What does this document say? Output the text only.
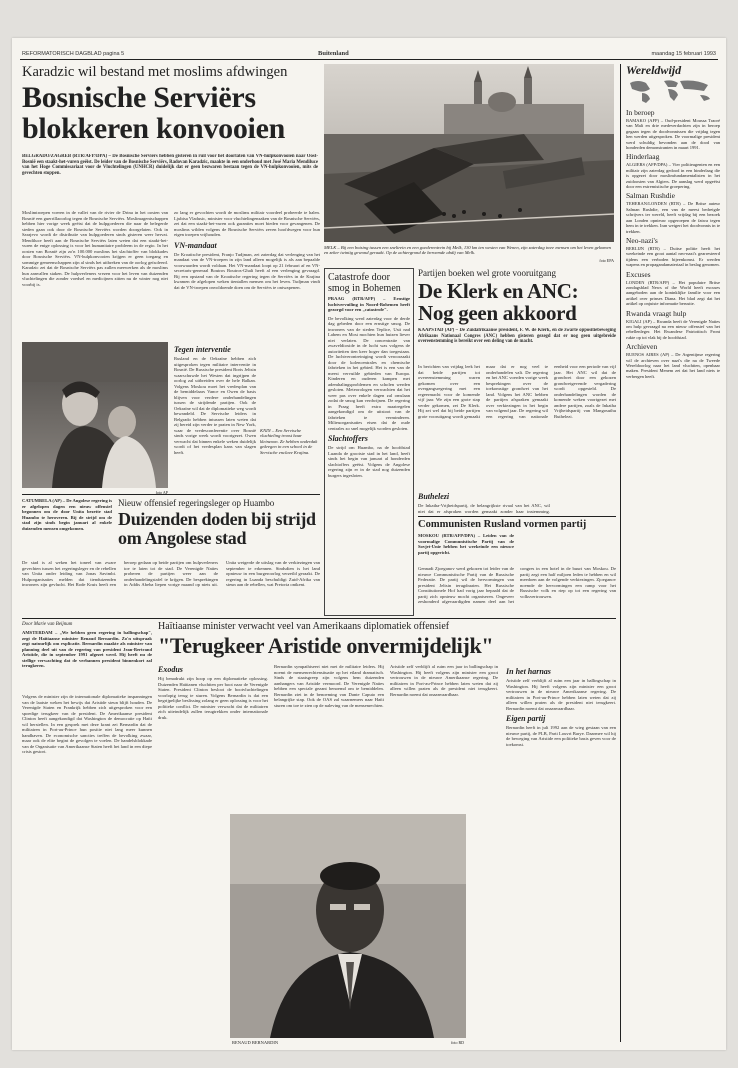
REFORMATORISCH DAGBLAD pagina 5	Buitenland	maandag 15 februari 1993
Karadzic wil bestand met moslims afdwingen
Bosnische Serviërs blokkeren konvooien
BELGRADO/ZAGREB (RTR/AFP/DPA) – De Bosnische Serviërs hebben gisteren in ruil voor het doorlaten van VN-hulpkonvooien naar Oost-Bosnië een staakt-het-vuren geëist. De leider van de Bosnische Serviërs, Radovan Karadzic, maakte in een onderhoud met José Maria Mendiluce van het Hoge Commissariaat voor de Vluchtelingen (UNHCR) duidelijk dat er geen bezwaren bestaan tegen de VN-hulpkonvooien, mits de gevechten stoppen.
Moslimtroepen voeren in de vallei van de rivier de Drina in het oosten van Bosnië een guerrillaoorlog tegen de Bosnische Serviërs. Moslimagentschappen hebben hier vorige week geëist dat de hulpgoederen die naar de belegerde steden gaan ook door de Bosnische Serviërs worden doorgelaten. Ook in Sarajevo wordt de distributie van hulpgoederen sinds gisteren weer hervat. Mendiluce heeft aan de Bosnische Serviërs laten weten dat een staakt-het-vuren de enige oplossing is voor het humanitaire probleem in de regio. In het oosten van Bosnië zijn zo'n 100.000 moslims het slachtoffer van blokkades door Bosnische Serviërs. VN-hulpkonvooien krijgen er geen toegang en sommige gemeenschappen zijn al sinds het uitbreken van de oorlog geïsoleerd. Karadzic zei dat de Bosnische Serviërs pas zullen meewerken als de moslims hun aanvallen staken. De hulpverleners vrezen voor het leven van duizenden vluchtelingen die zonder voedsel en medicijnen zitten nu de winter nog niet voorbij is.
zo lang er gevochten wordt de moslims militair voordeel probeerde te halen. Ljubisa Vladusic, minister voor vluchtelingenzaken van de Bosnische Serviërs, zei dat een staakt-het-vuren ook garanties moet bieden voor gevangenen. De moslims wilden volgens de Bosnische Serviërs zeven hoofdwegen voor hun eigen troepen vrijhouden.
VN-mandaat
De Kroatische president, Franjo Tudjman, zei zaterdag dat verlenging van het mandaat van de VN-troepen in zijn land alleen mogelijk is als aan bepaalde voorwaarden wordt voldaan. Het VN-mandaat loopt op 21 februari af en VN-secretaris-generaal Boutros Boutros-Ghali heeft al een verlenging gevraagd. Bij een opstand van de Kroatische regering tegen de Serviërs in de Krajina kwamen de afgelopen weken tientallen mensen om het leven. Tudjman vindt dat de VN-troepen onvoldoende doen om de Serviërs te ontwapenen.
Tegen interventie
Rusland en de Oekraïne hebben zich uitgesproken tegen militaire interventie in Bosnië. De Russische president Boris Jeltsin waarschuwde het Westen dat ingrijpen de oorlog zal uitbreiden over de hele Balkan. Volgens Moskou moet het vredesplan van de bemiddelaars Vance en Owen de basis blijven voor verdere onderhandelingen tussen de strijdende partijen. Ook de Oekraïne wil dat de diplomatieke weg wordt bewandeld. De Servische leiders in Belgrado hebben intussen laten weten dat zij bereid zijn verder te praten in New York, waar de vredesconferentie over Bosnië sinds vorige week wordt voortgezet. Owen verwacht dat binnen enkele weken duidelijk wordt of het vredesplan kans van slagen heeft.
KNIN – Een Servische vluchteling troost haar kleinzoon. Ze hebben onderdak gekregen in een school in de Servische enclave Krajina.
foto AP
MELK – Bij een botsing tussen een sneltrein en een goederentrein bij Melk, 130 km ten westen van Wenen, zijn zaterdag twee mensen om het leven gekomen en zeker twintig gewond geraakt. Op de achtergrond de beroemde abdij van Melk.
foto EPA
Catastrofe door smog in Bohemen
PRAAG (RTR/AFP) – Ernstige luchtvervuiling in Noord-Bohemen heeft gezorgd voor een „catastrofe".
De bevolking werd zaterdag voor de derde dag gebeden door een ernstige smog. De inwoners van de steden Teplice, Usti nad Labem en Most mochten hun huizen liever niet verlaten. De concentratie van zwaveldioxide in de lucht was volgens de autoriteiten tien keer hoger dan toegestaan. De luchtverontreiniging wordt veroorzaakt door de kolencentrales en chemische fabrieken in het gebied. Het is een van de meest vervuilde gebieden van Europa. Kinderen en ouderen kampen met ademhalingsproblemen en scholen werden gesloten. Meteorologen verwachten dat het weer pas over enkele dagen zal omslaan zodat de smog kan verdwijnen. De regering in Praag heeft extra maatregelen aangekondigd om de uitstoot van de fabrieken te verminderen. Milieuorganisaties eisen dat de oude centrales zo snel mogelijk worden gesloten.
Slachtoffers
De strijd om Huambo, na de hoofdstad Luanda de grootste stad in het land, heeft sinds het begin van januari al honderden slachtoffers geëist. Volgens de Angolese regering zijn er in de stad nog duizenden burgers ingesloten.
Partijen boeken wel grote vooruitgang
De Klerk en ANC: Nog geen akkoord
KAAPSTAD (AP) – De Zuidafrikaanse president, F. W. de Klerk, en de zwarte oppositiebeweging Afrikaans Nationaal Congres (ANC) hebben gisteren gezegd dat er nog geen uitgebreide overeenstemming is bereikt over een deling van de macht.
In berichten van vrijdag leek het dat beide partijen tot overeenstemming waren gekomen over een overgangsregering met een regeermacht voor de komende vijf jaar. We zijn een grote stap verder gekomen, zei De Klerk. Hij zei wel dat bij beide partijen grote vooruitgang wordt gemaakt maar dat er nog veel te onderhandelen valt. De regering en het ANC voerden vorige week besprekingen over de toekomstige grondwet van het land. Volgens het ANC hebben de partijen afspraken gemaakt over verkiezingen in het begin van volgend jaar. De regering wil een regering van nationale eenheid voor een periode van vijf jaar. Het ANC wil dat de grondwet door een gekozen grondwetgevende vergadering wordt opgesteld. De onderhandelingen worden de komende weken voortgezet met andere partijen, zoals de Inkatha Vrijheidspartij van Mangosuthu Buthelezi.
Buthelezi
De Inkatha-Vrijheidspartij, de belangrijkste rivaal van het ANC, wil niet dat er afspraken worden gemaakt zonder haar instemming.
Communisten Rusland vormen partij
MOSKOU (RTR/AFP/DPA) – Leiden van de voormalige Communistische Partij van de Sovjet-Unie hebben het weekeinde een nieuwe partij opgericht.
Gennadi Zjoeganov werd gekozen tot leider van de nieuwe Communistische Partij van de Russische Federatie. De partij wil de hervormingen van president Jeltsin terugdraaien. Het Russische Constitutionele Hof had vorig jaar bepaald dat de partij zich opnieuw mocht organiseren. Ongeveer zeshonderd afgevaardigden namen deel aan het congres in een hotel in de buurt van Moskou. De partij zegt een half miljoen leden te hebben en wil meedoen aan de volgende verkiezingen. Zjoeganov noemde de hervormingen een ramp voor het Russische volk en riep op tot een regering van volksvertrouwen.
Nieuw offensief regeringsleger op Huambo
Duizenden doden bij strijd om Angolese stad
CATUMBELA (AP) – De Angolese regering is er afgelopen dagen een nieuw offensief begonnen om de door Unita bezette stad Huambo te heroveren. Bij de strijd om de stad zijn sinds begin januari al enkele duizenden mensen omgekomen.
De stad is al weken het toneel van zware gevechten tussen het regeringsleger en de rebellen van Unita onder leiding van Jonas Savimbi. Hulporganisaties melden dat tienduizenden inwoners zijn gevlucht. Het Rode Kruis heeft een beroep gedaan op beide partijen om hulpverleners toe te laten tot de stad. De Verenigde Naties proberen de partijen weer aan de onderhandelingstafel te krijgen. De besprekingen in Addis Abeba liepen vorige maand op niets uit. Unita weigerde de uitslag van de verkiezingen van september te erkennen. Sindsdien is het land opnieuw in een burgeroorlog verzeild geraakt. De regering in Luanda beschuldigt Zuid-Afrika van steun aan de rebellen, wat Pretoria ontkent.
Door Marie van Beijnum	Haïtiaanse minister verwacht veel van Amerikaans diplomatiek offensief
"Terugkeer Aristide onvermijdelijk"
AMSTERDAM – „We hebben geen regering in ballingschap", zegt de Haïtiaanse minister Renaud Bernardin. Zo'n uitspraak zegt natuurlijk om explicatie. Bernardin maakte als minister van planning deel uit van de regering van president Jean-Bertrand Aristide, die in september 1991 afgezet werd. Hij heeft nu de stellige verwachting dat de verbannen president binnenkort zal terugkeren.
Volgens de minister zijn de internationale diplomatieke inspanningen van de laatste weken het bewijs dat Aristide steun blijft houden. De Verenigde Staten en Frankrijk hebben zich uitgesproken voor een spoedige terugkeer van de president. De Amerikaanse president Clinton heeft aangekondigd dat Washington de democratie op Haïti wil herstellen. In een gesprek met deze krant zei Bernardin dat de militairen in Port-au-Prince hun positie niet lang meer kunnen handhaven. De economische sancties treffen de bevolking zwaar, maar ook de elite begint de gevolgen te voelen. De handelsblokkade van de Organisatie van Amerikaanse Staten heeft het land in een diepe crisis gestort.
Exodus
Hij benadrukt zijn hoop op een diplomatieke oplossing. Duizenden Haïtianen vluchtten per boot naar de Verenigde Staten. President Clinton besloot de bootvluchtelingen voorlopig terug te sturen. Volgens Bernardin is dat een begrijpelijke beslissing zolang er geen oplossing is voor het politieke conflict. De minister verwacht dat de militairen zich uiteindelijk zullen terugtrekken onder internationale druk.
Bernardin sympathiseert niet met de militaire leiders. Hij noemt de mensenrechtensituatie op het eiland dramatisch. Sinds de staatsgreep zijn volgens hem duizenden aanhangers van Aristide vermoord. De Verenigde Naties hebben een speciale gezant benoemd om te bemiddelen. Bernardin ziet in de benoeming van Dante Caputo een belangrijke stap. Ook de OAS zal waarnemers naar Haïti sturen om toe te zien op de naleving van de mensenrechten.
RENAUD BERNARDIN	foto RD
Aristide zelf verblijft al ruim een jaar in ballingschap in Washington. Hij heeft volgens zijn minister een groot vertrouwen in de nieuwe Amerikaanse regering. De militairen in Port-au-Prince hebben laten weten dat zij alleen willen praten als de president niet terugkeert. Bernardin noemt dat onaanvaardbaar.
In het harnas
Aristide zelf verblijft al ruim een jaar in ballingschap in Washington. Hij heeft volgens zijn minister een groot vertrouwen in de nieuwe Amerikaanse regering. De militairen in Port-au-Prince hebben laten weten dat zij alleen willen praten als de president niet terugkeert. Bernardin noemt dat onaanvaardbaar.
Eigen partij
Bernardin heeft in juli 1992 aan de wieg gestaan van een nieuwe partij, de PLB, Parti Louvri Barye. Daarmee wil hij de beweging van Aristide een politieke basis geven voor de toekomst.
Wereldwijd
In beroep
BAMAKO (AFP) – Oud-president Moussa Traoré van Mali en drie medeverdachten zijn in beroep gegaan tegen de doodvonnissen die vrijdag tegen hen werden uitgesproken. De voormalige president werd schuldig bevonden aan de dood van honderden demonstranten in maart 1991.
Hinderlaag
ALGIERS (AFP/DPA) – Vier politieagenten en een militair zijn zaterdag gedood in een hinderlaag die is opgezet door moslimfundamentalisten in het zuidoosten van Algiers. De aanslag werd opgeëist door een extremistische groepering.
Salman Rushdie
TEHERAN/LONDEN (RTR) – De Britse auteur Salman Rushdie, een van de meest bedreigde schrijvers ter wereld, heeft vrijdag bij een bezoek aan Londen opnieuw opgeroepen de fatwa tegen hem in te trekken. Iran weigert het doodvonnis in te trekken.
Neo-nazi's
BERLIJN (RTR) – Duitse politie heeft het weekeinde een groot aantal neo-nazi's gearresteerd tijdens een verboden bijeenkomst. Er werden wapens en propagandamateriaal in beslag genomen.
Excuses
LONDEN (RTR/AFP) – Het populaire Britse zondagsblad News of the World heeft excuses aangeboden aan de koninklijke familie voor een artikel over prinses Diana. Het blad zegt dat het artikel op onjuiste informatie berustte.
Rwanda vraagt hulp
KIGALI (AP) – Rwanda heeft de Verenigde Naties om hulp gevraagd na een nieuw offensief van het rebellenleger. Het Rwandese Patriottisch Front rukte op tot vlak bij de hoofdstad.
Archieven
BUENOS AIRES (AP) – De Argentijnse regering wil de archieven over nazi's die na de Tweede Wereldoorlog naar het land vluchtten, openbaar maken. President Menem zei dat het land niets te verbergen heeft.
